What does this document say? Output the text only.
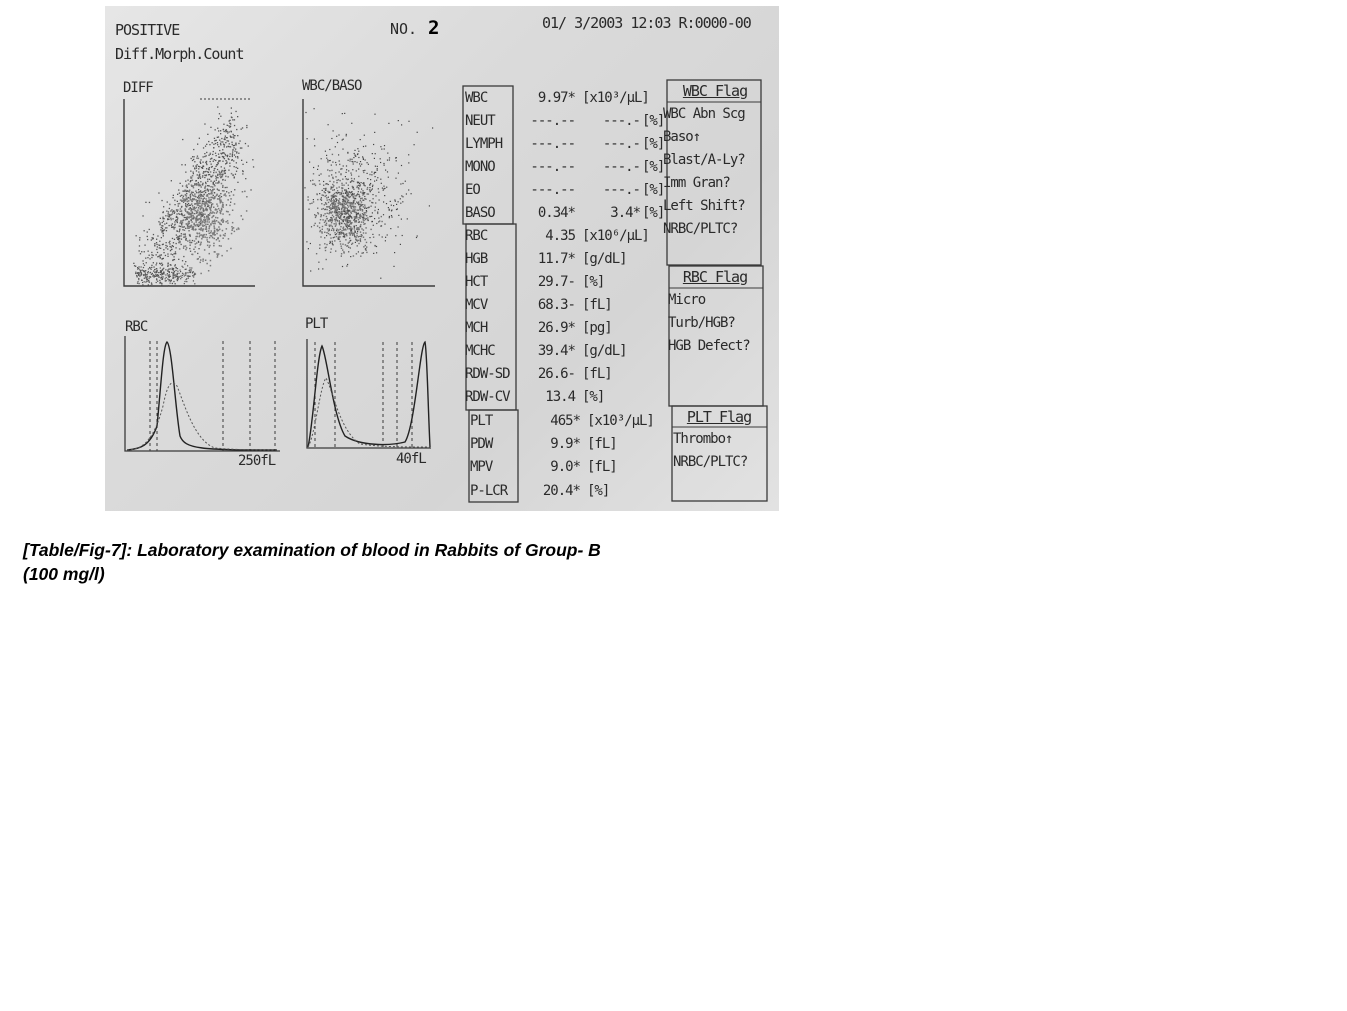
POSITIVE
Diff.Morph.Count
NO. 2	01/ 3/2003 12:03 R:0000-00
DIFF	WBC/BASO
RBC
250fL
PLT
40fL
WBC	9.97* [x10³/μL]
NEUT	---.--	---.- [%]
LYMPH	---.--	---.- [%]
MONO	---.--	---.- [%]
EO	---.--	---.- [%]
BASO	0.34*	3.4* [%]
RBC	4.35 [x10⁶/μL]
HGB	11.7* [g/dL]
HCT	29.7- [%]
MCV	68.3- [fL]
MCH	26.9* [pg]
MCHC	39.4* [g/dL]
RDW-SD	26.6- [fL]
RDW-CV	13.4 [%]
PLT	465* [x10³/μL]
PDW	9.9* [fL]
MPV	9.0* [fL]
P-LCR	20.4* [%]
WBC Flag
WBC Abn Scg
Baso↑
Blast/A-Ly?
Imm Gran?
Left Shift?
NRBC/PLTC?
RBC Flag
Micro
Turb/HGB?
HGB Defect?
PLT Flag
Thrombo↑
NRBC/PLTC?
[Table/Fig-7]: Laboratory examination of blood in Rabbits of Group- B
(100 mg/l)
